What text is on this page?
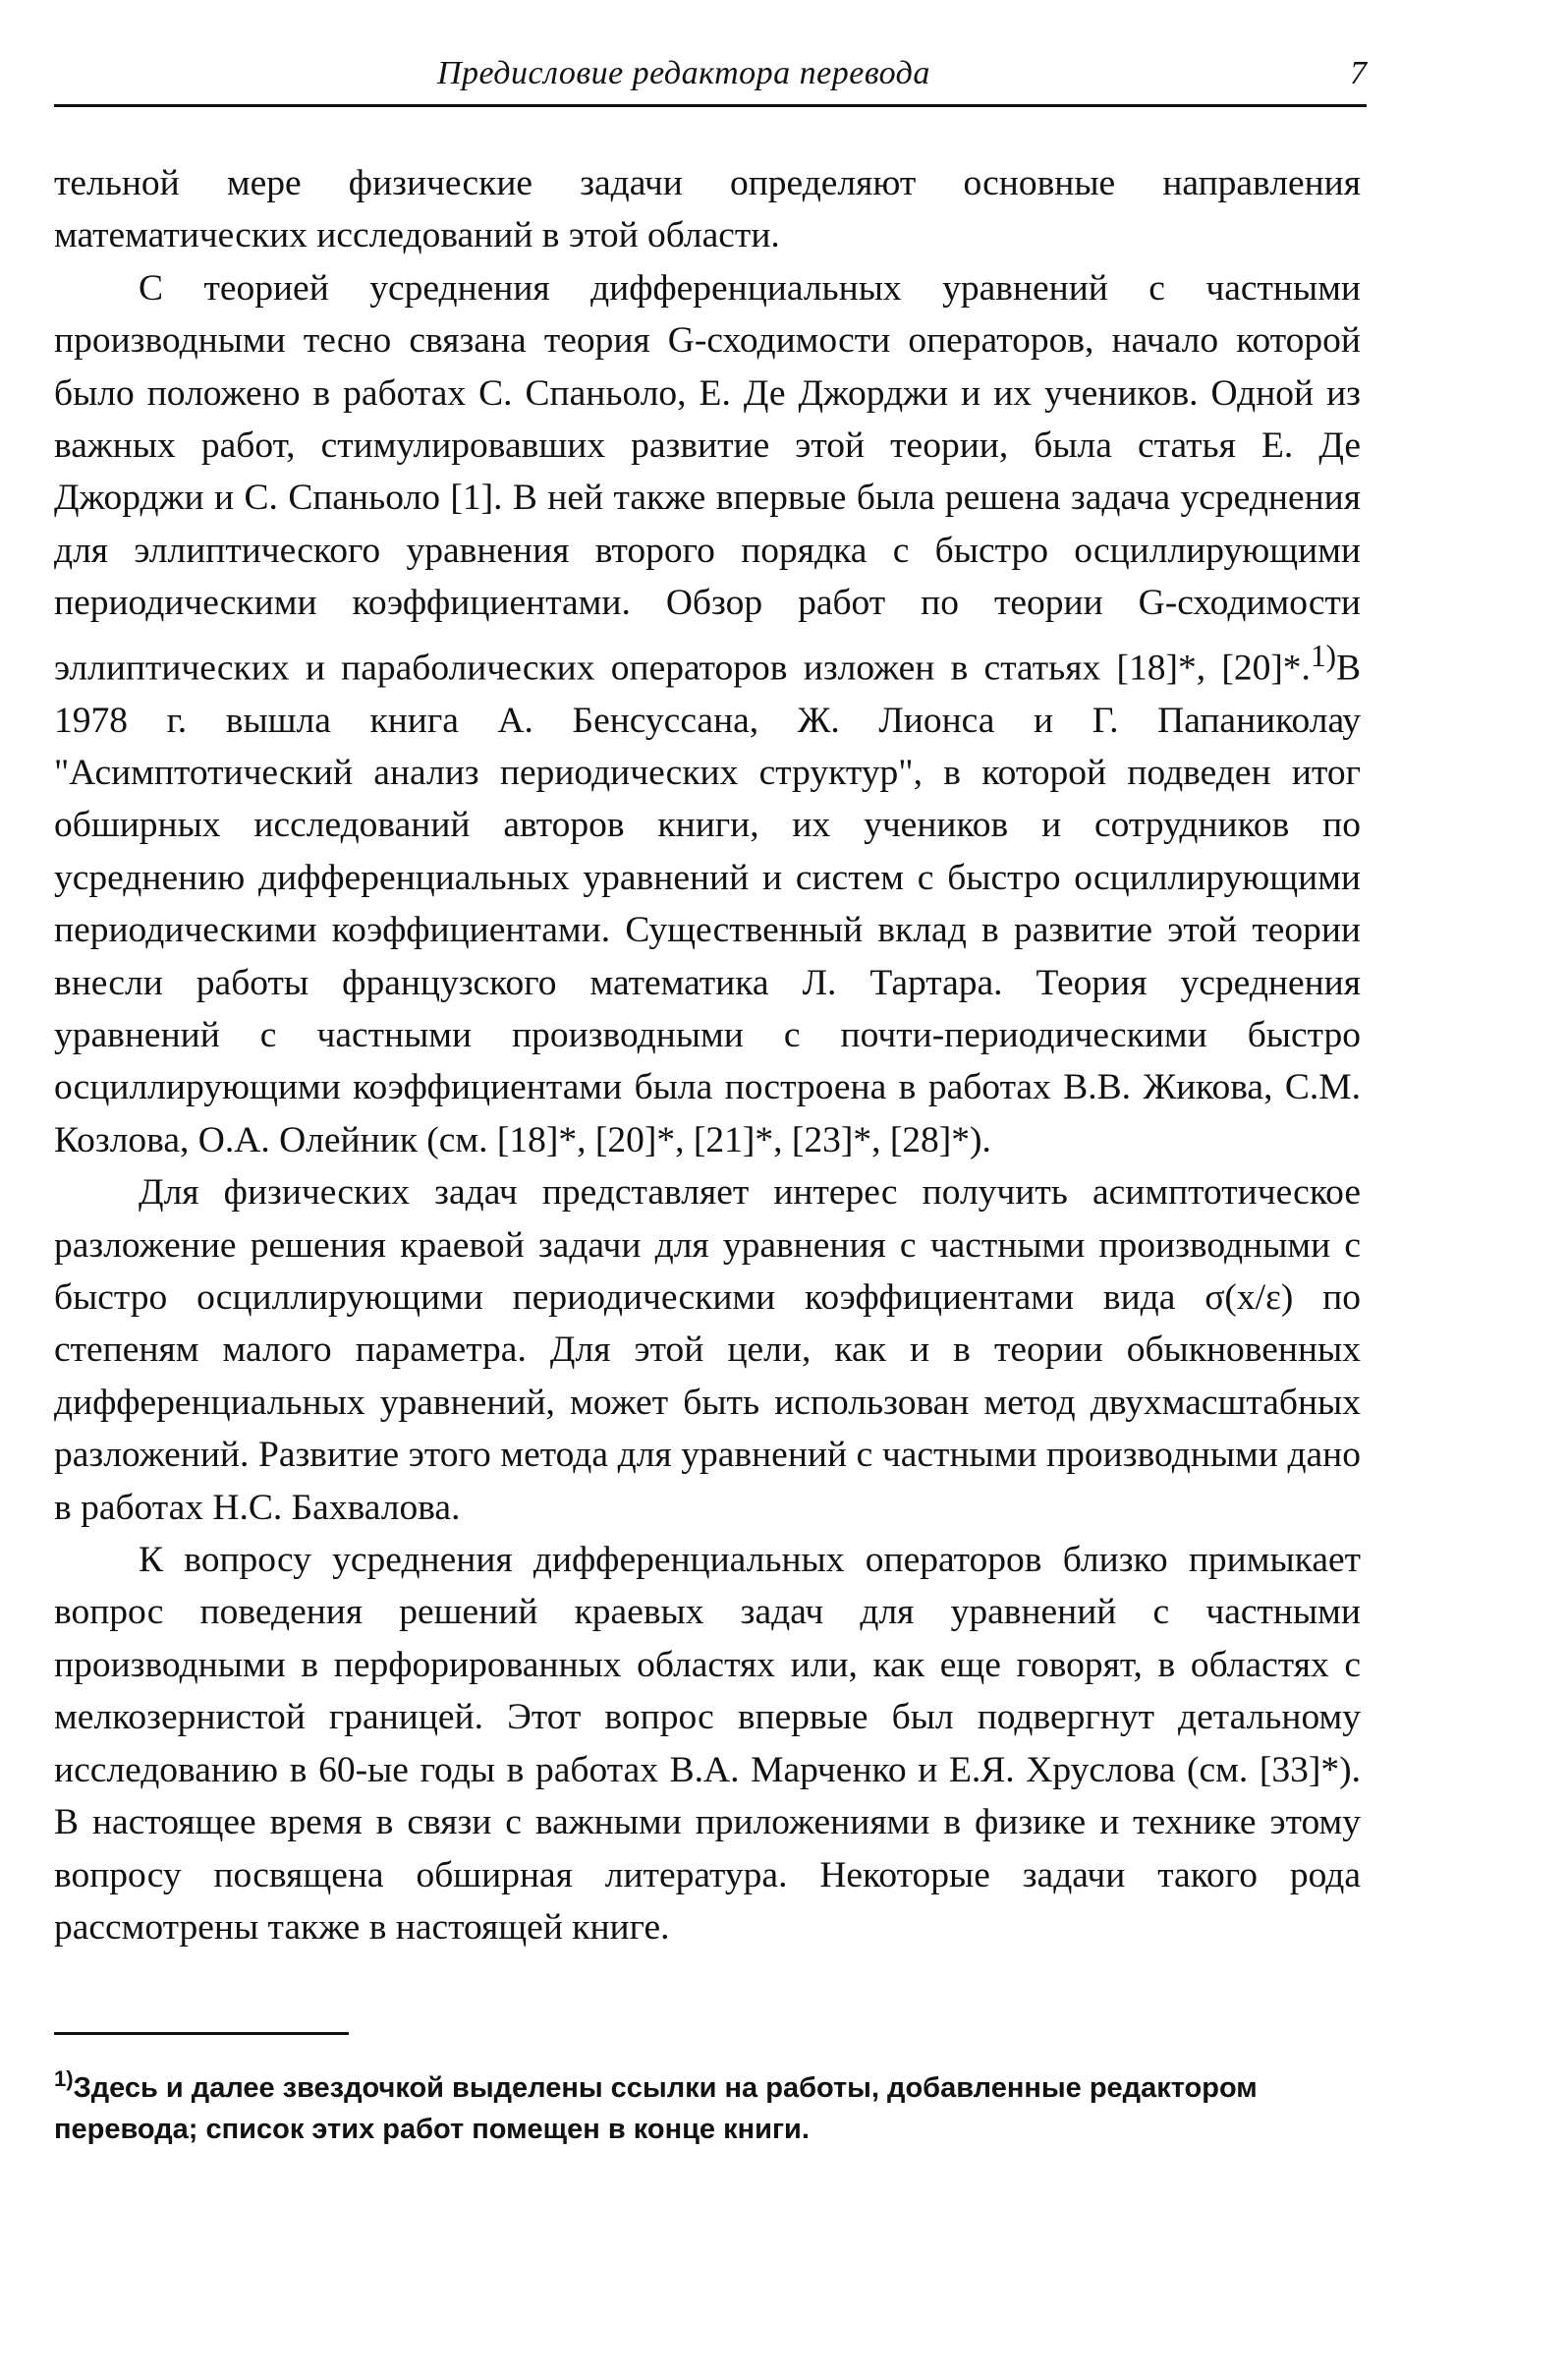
Предисловие редактора перевода	7

тельной мере физические задачи определяют основные направления математических исследований в этой области.

С теорией усреднения дифференциальных уравнений с частными производными тесно связана теория G-сходимости операторов, начало которой было положено в работах С. Спаньоло, Е. Де Джорджи и их учеников. Одной из важных работ, стимулировавших развитие этой теории, была статья Е. Де Джорджи и С. Спаньоло [1]. В ней также впервые была решена задача усреднения для эллиптического уравнения второго порядка с быстро осциллирующими периодическими коэффициентами. Обзор работ по теории G-сходимости эллиптических и параболических операторов изложен в статьях [18]*, [20]*.$^{1)}$В 1978 г. вышла книга А. Бенсуссана, Ж. Лионса и Г. Папаниколау "Асимптотический анализ периодических структур", в которой подведен итог обширных исследований авторов книги, их учеников и сотрудников по усреднению дифференциальных уравнений и систем с быстро осциллирующими периодическими коэффициентами. Существенный вклад в развитие этой теории внесли работы французского математика Л. Тартара. Теория усреднения уравнений с частными производными с почти-периодическими быстро осциллирующими коэффициентами была построена в работах В.В. Жикова, С.М. Козлова, О.А. Олейник (см. [18]*, [20]*, [21]*, [23]*, [28]*).

Для физических задач представляет интерес получить асимптотическое разложение решения краевой задачи для уравнения с частными производными с быстро осциллирующими периодическими коэффициентами вида σ(x/ε) по степеням малого параметра. Для этой цели, как и в теории обыкновенных дифференциальных уравнений, может быть использован метод двухмасштабных разложений. Развитие этого метода для уравнений с частными производными дано в работах Н.С. Бахвалова.

К вопросу усреднения дифференциальных операторов близко примыкает вопрос поведения решений краевых задач для уравнений с частными производными в перфорированных областях или, как еще говорят, в областях с мелкозернистой границей. Этот вопрос впервые был подвергнут детальному исследованию в 60-ые годы в работах В.А. Марченко и Е.Я. Хруслова (см. [33]*). В настоящее время в связи с важными приложениями в физике и технике этому вопросу посвящена обширная литература. Некоторые задачи такого рода рассмотрены также в настоящей книге.

$^{1)}$Здесь и далее звездочкой выделены ссылки на работы, добавленные редактором перевода; список этих работ помещен в конце книги.
